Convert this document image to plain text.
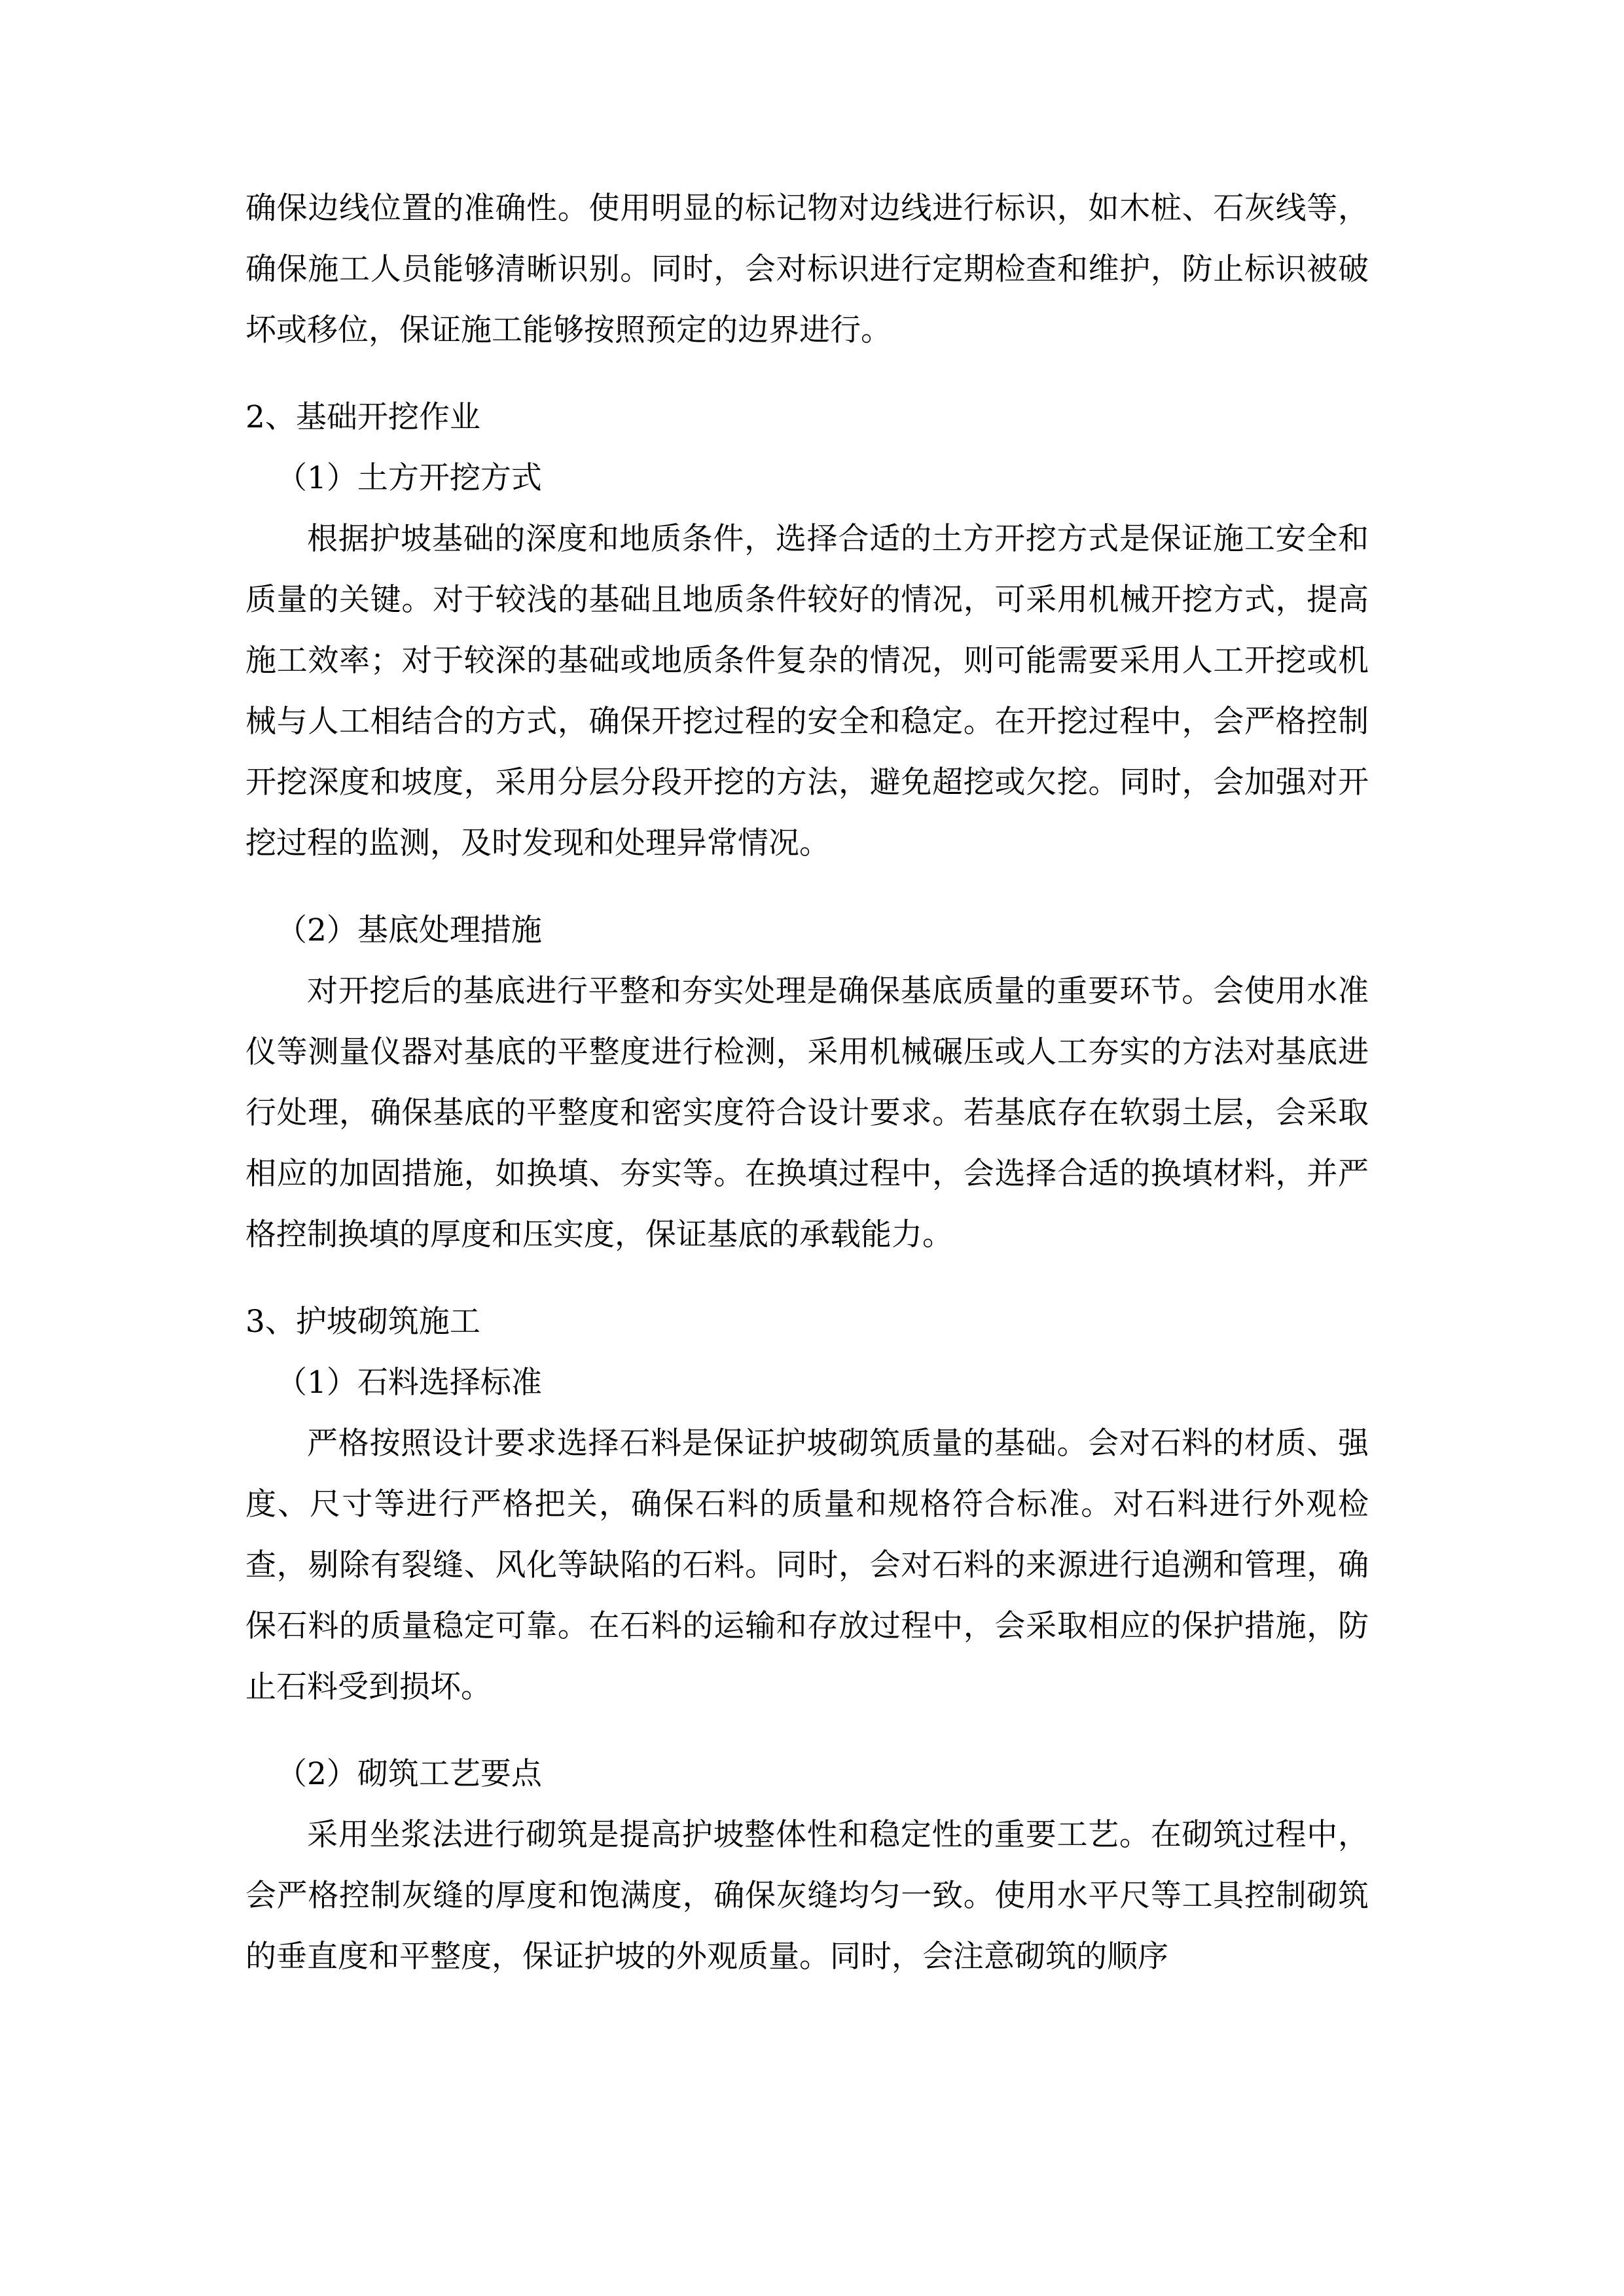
确保边线位置的准确性。使用明显的标记物对边线进行标识，如木桩、石灰线等，确保施工人员能够清晰识别。同时，会对标识进行定期检查和维护，防止标识被破坏或移位，保证施工能够按照预定的边界进行。

2、基础开挖作业

（1）土方开挖方式

根据护坡基础的深度和地质条件，选择合适的土方开挖方式是保证施工安全和质量的关键。对于较浅的基础且地质条件较好的情况，可采用机械开挖方式，提高施工效率；对于较深的基础或地质条件复杂的情况，则可能需要采用人工开挖或机械与人工相结合的方式，确保开挖过程的安全和稳定。在开挖过程中，会严格控制开挖深度和坡度，采用分层分段开挖的方法，避免超挖或欠挖。同时，会加强对开挖过程的监测，及时发现和处理异常情况。

（2）基底处理措施

对开挖后的基底进行平整和夯实处理是确保基底质量的重要环节。会使用水准仪等测量仪器对基底的平整度进行检测，采用机械碾压或人工夯实的方法对基底进行处理，确保基底的平整度和密实度符合设计要求。若基底存在软弱土层，会采取相应的加固措施，如换填、夯实等。在换填过程中，会选择合适的换填材料，并严格控制换填的厚度和压实度，保证基底的承载能力。

3、护坡砌筑施工

（1）石料选择标准

严格按照设计要求选择石料是保证护坡砌筑质量的基础。会对石料的材质、强度、尺寸等进行严格把关，确保石料的质量和规格符合标准。对石料进行外观检查，剔除有裂缝、风化等缺陷的石料。同时，会对石料的来源进行追溯和管理，确保石料的质量稳定可靠。在石料的运输和存放过程中，会采取相应的保护措施，防止石料受到损坏。

（2）砌筑工艺要点

采用坐浆法进行砌筑是提高护坡整体性和稳定性的重要工艺。在砌筑过程中，会严格控制灰缝的厚度和饱满度，确保灰缝均匀一致。使用水平尺等工具控制砌筑的垂直度和平整度，保证护坡的外观质量。同时，会注意砌筑的顺序
